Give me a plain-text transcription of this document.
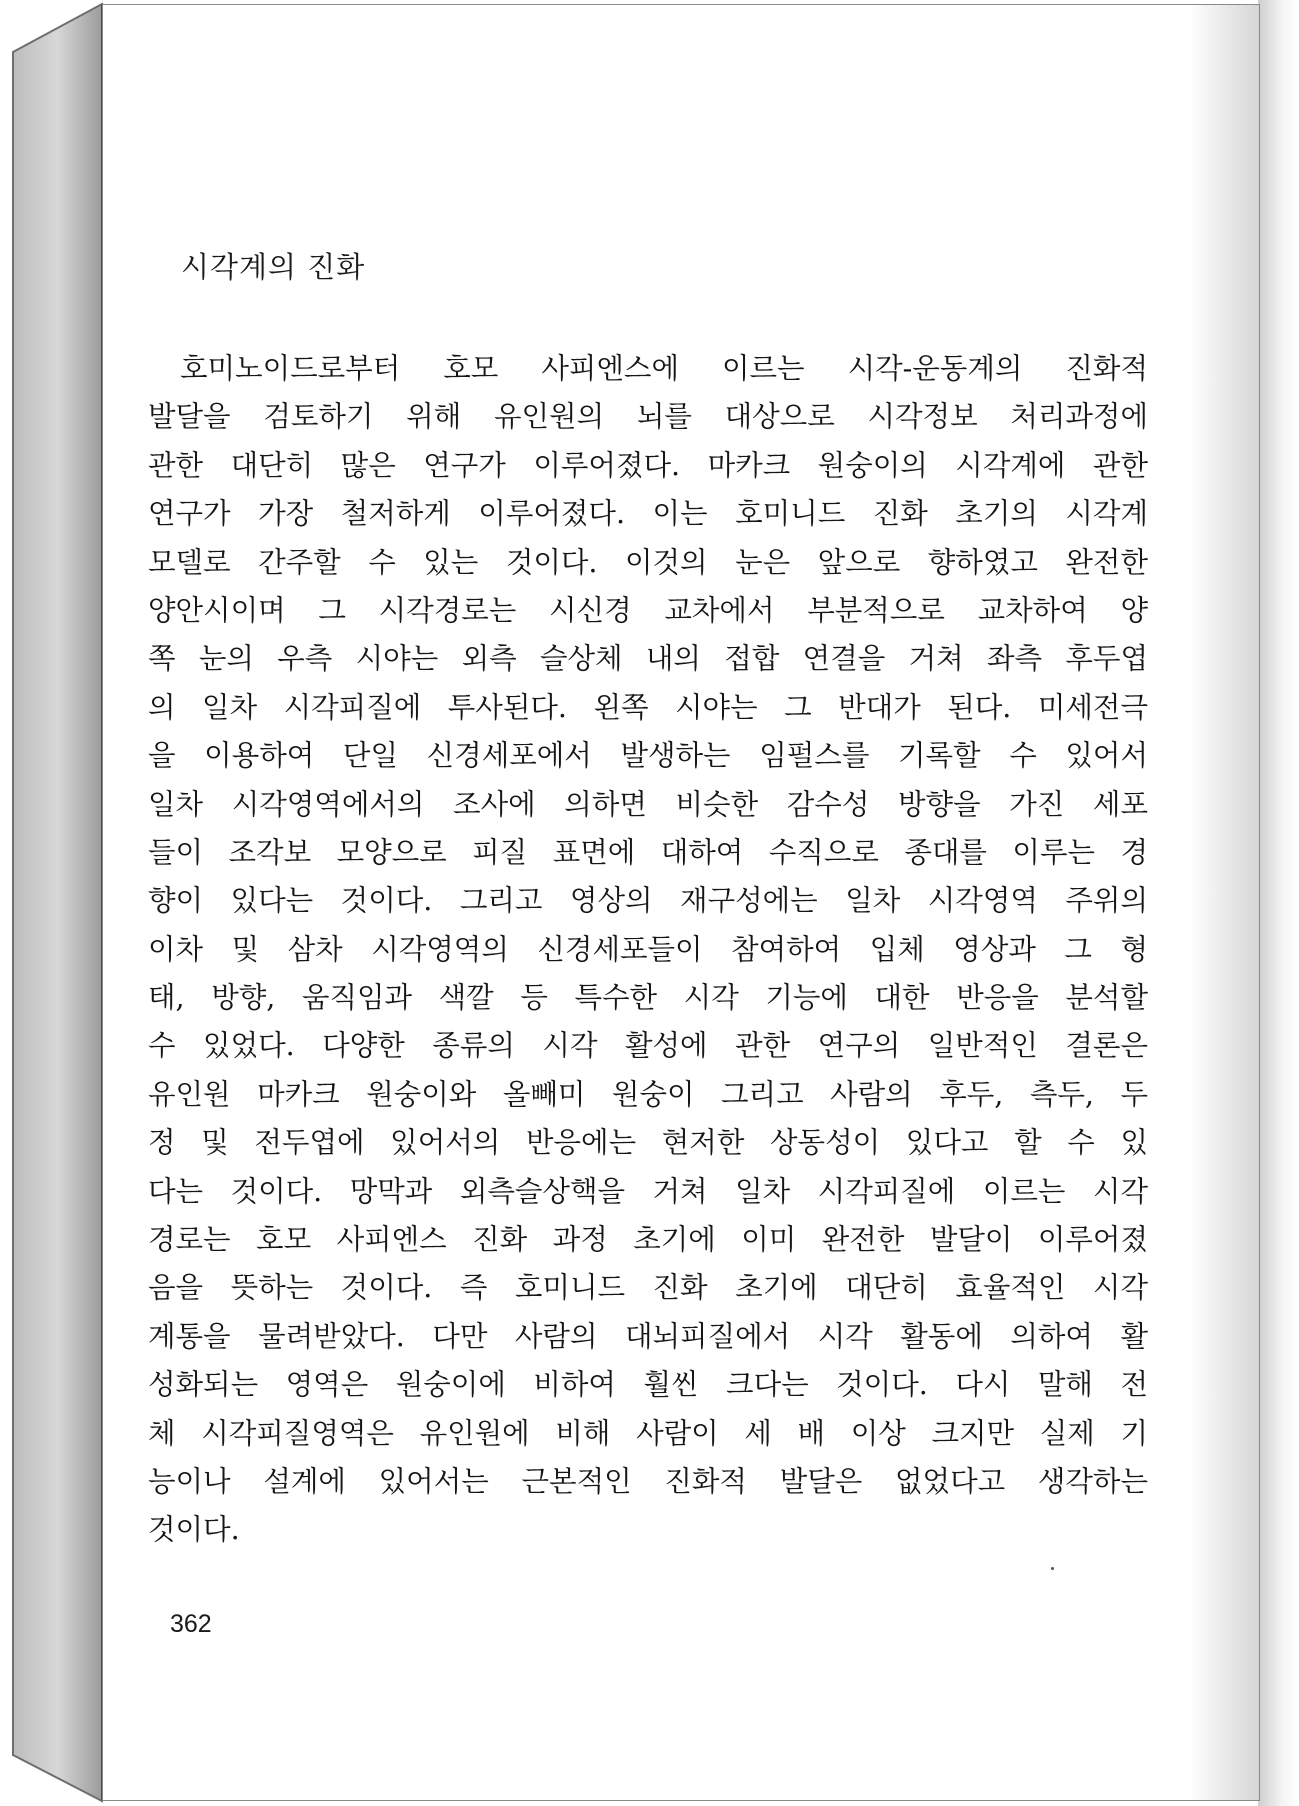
시각계의 진화
호미노이드로부터 호모 사피엔스에 이르는 시각-운동계의 진화적
발달을 검토하기 위해 유인원의 뇌를 대상으로 시각정보 처리과정에
관한 대단히 많은 연구가 이루어졌다. 마카크 원숭이의 시각계에 관한
연구가 가장 철저하게 이루어졌다. 이는 호미니드 진화 초기의 시각계
모델로 간주할 수 있는 것이다. 이것의 눈은 앞으로 향하였고 완전한
양안시이며 그 시각경로는 시신경 교차에서 부분적으로 교차하여 양
쪽 눈의 우측 시야는 외측 슬상체 내의 접합 연결을 거쳐 좌측 후두엽
의 일차 시각피질에 투사된다. 왼쪽 시야는 그 반대가 된다. 미세전극
을 이용하여 단일 신경세포에서 발생하는 임펄스를 기록할 수 있어서
일차 시각영역에서의 조사에 의하면 비슷한 감수성 방향을 가진 세포
들이 조각보 모양으로 피질 표면에 대하여 수직으로 종대를 이루는 경
향이 있다는 것이다. 그리고 영상의 재구성에는 일차 시각영역 주위의
이차 및 삼차 시각영역의 신경세포들이 참여하여 입체 영상과 그 형
태, 방향, 움직임과 색깔 등 특수한 시각 기능에 대한 반응을 분석할
수 있었다. 다양한 종류의 시각 활성에 관한 연구의 일반적인 결론은
유인원 마카크 원숭이와 올빼미 원숭이 그리고 사람의 후두, 측두, 두
정 및 전두엽에 있어서의 반응에는 현저한 상동성이 있다고 할 수 있
다는 것이다. 망막과 외측슬상핵을 거쳐 일차 시각피질에 이르는 시각
경로는 호모 사피엔스 진화 과정 초기에 이미 완전한 발달이 이루어졌
음을 뜻하는 것이다. 즉 호미니드 진화 초기에 대단히 효율적인 시각
계통을 물려받았다. 다만 사람의 대뇌피질에서 시각 활동에 의하여 활
성화되는 영역은 원숭이에 비하여 훨씬 크다는 것이다. 다시 말해 전
체 시각피질영역은 유인원에 비해 사람이 세 배 이상 크지만 실제 기
능이나 설계에 있어서는 근본적인 진화적 발달은 없었다고 생각하는
것이다.
362
